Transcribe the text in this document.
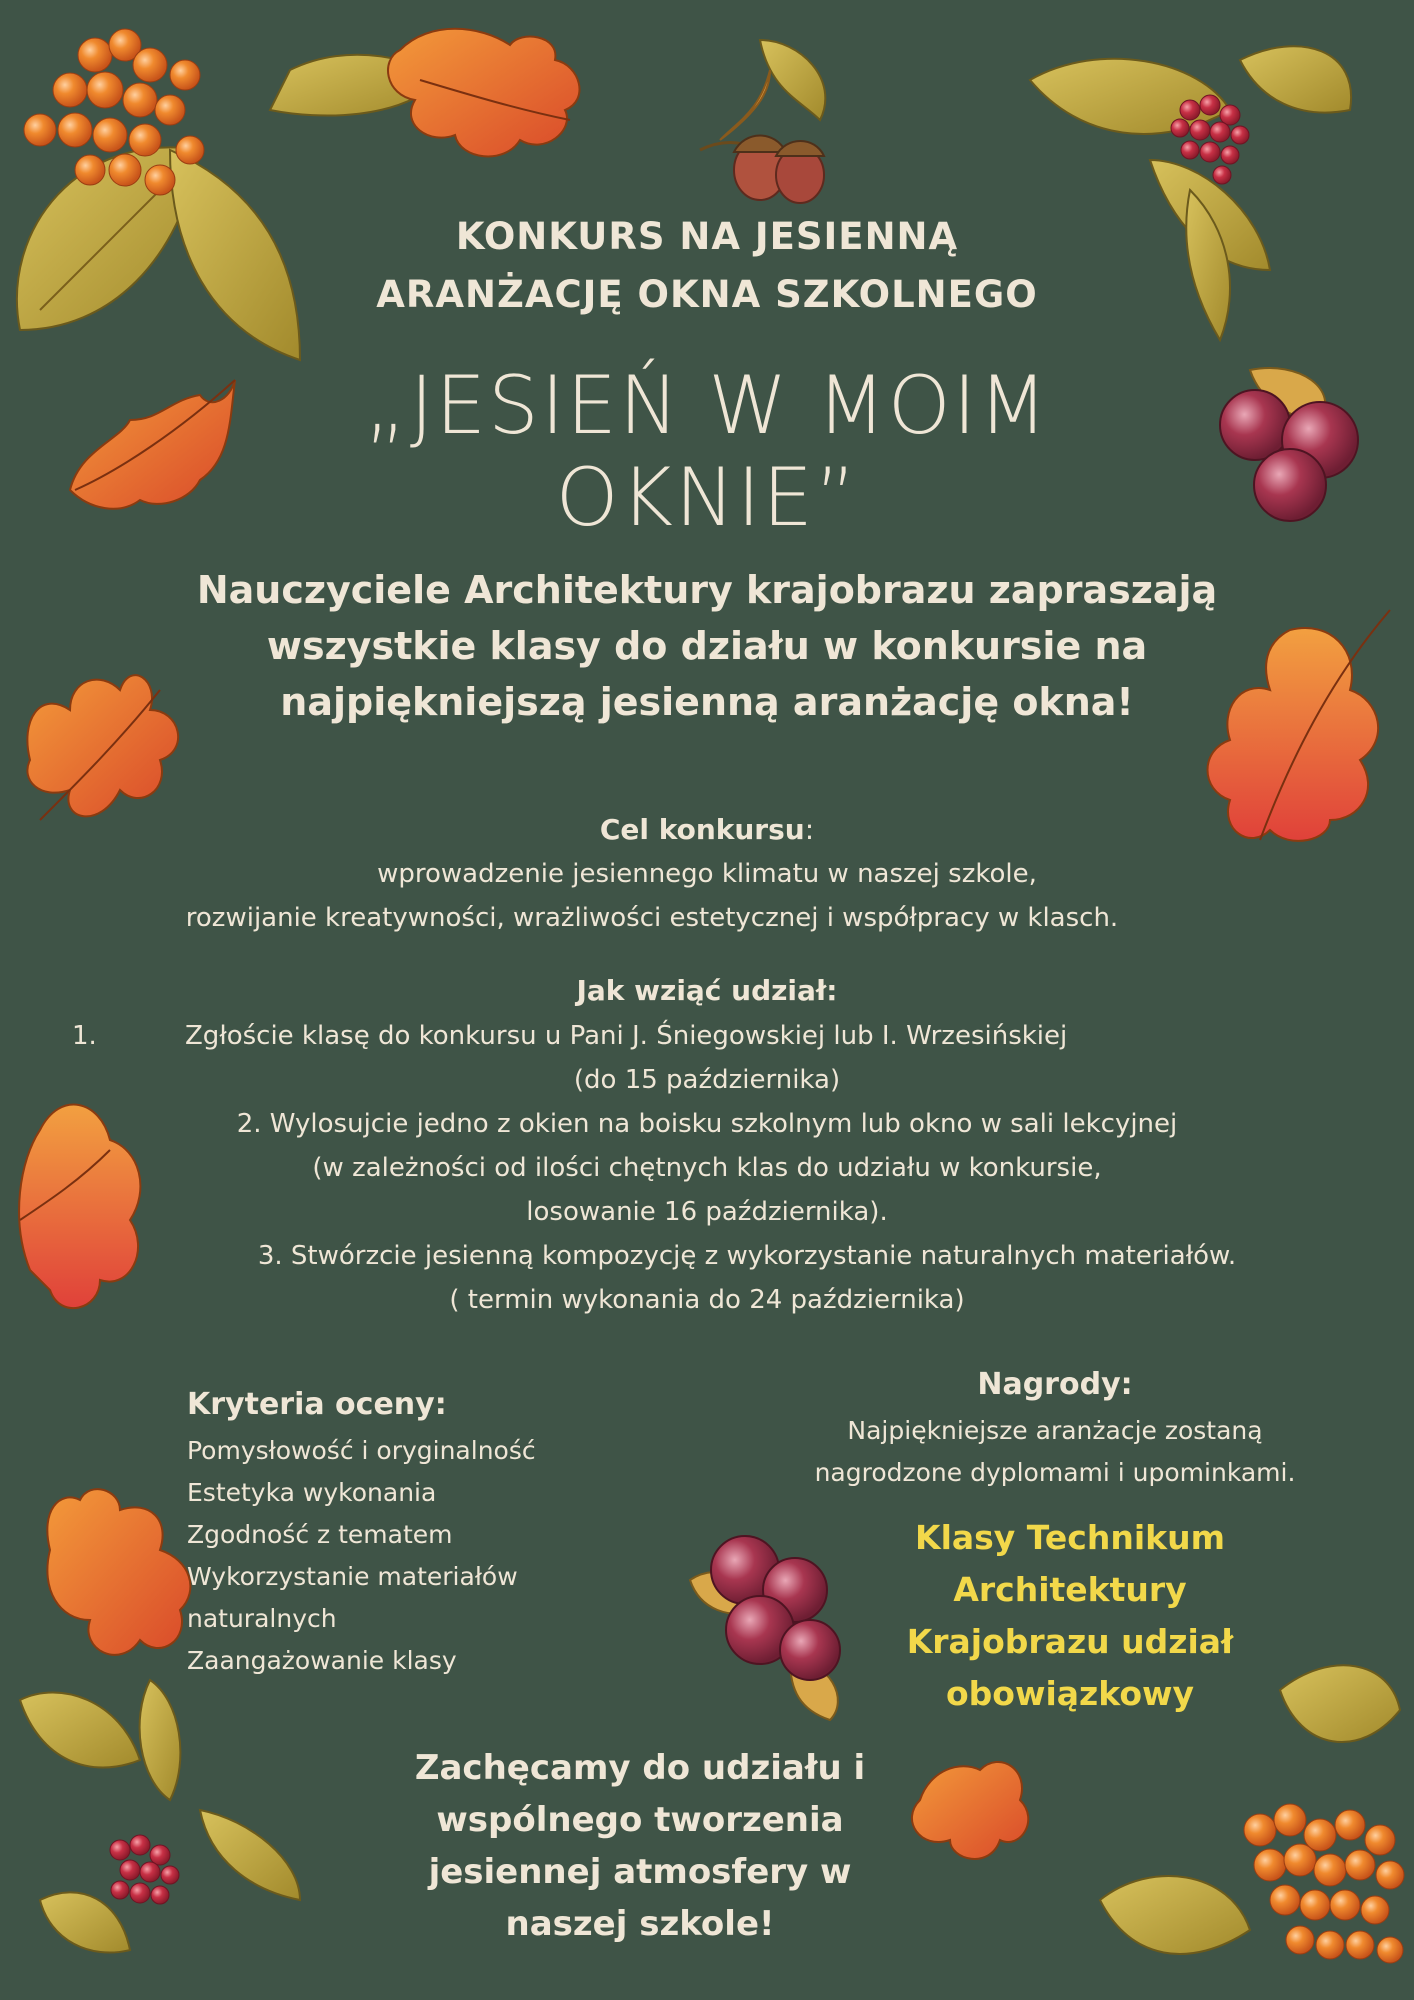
KONKURS NA JESIENNĄ
ARANŻACJĘ OKNA SZKOLNEGO
„JESIEŃ W MOIM
OKNIE”
Nauczyciele Architektury krajobrazu zapraszają
wszystkie klasy do działu w konkursie na
najpiękniejszą jesienną aranżację okna!
Cel konkursu:
wprowadzenie jesiennego klimatu w naszej szkole,
rozwijanie kreatywności, wrażliwości estetycznej i współpracy w klasch.
Jak wziąć udział:
1.	Zgłoście klasę do konkursu u Pani J. Śniegowskiej lub I. Wrzesińskiej
(do 15 października)
2. Wylosujcie jedno z okien na boisku szkolnym lub okno w sali lekcyjnej
(w zależności od ilości chętnych klas do udziału w konkursie,
losowanie 16 października).
3. Stwórzcie jesienną kompozycję z wykorzystanie naturalnych materiałów.
( termin wykonania do 24 października)
Kryteria oceny:
Pomysłowość i oryginalność
Estetyka wykonania
Zgodność z tematem
Wykorzystanie materiałów
naturalnych
Zaangażowanie klasy
Nagrody:
Najpiękniejsze aranżacje zostaną
nagrodzone dyplomami i upominkami.
Klasy Technikum
Architektury
Krajobrazu udział
obowiązkowy
Zachęcamy do udziału i
wspólnego tworzenia
jesiennej atmosfery w
naszej szkole!
